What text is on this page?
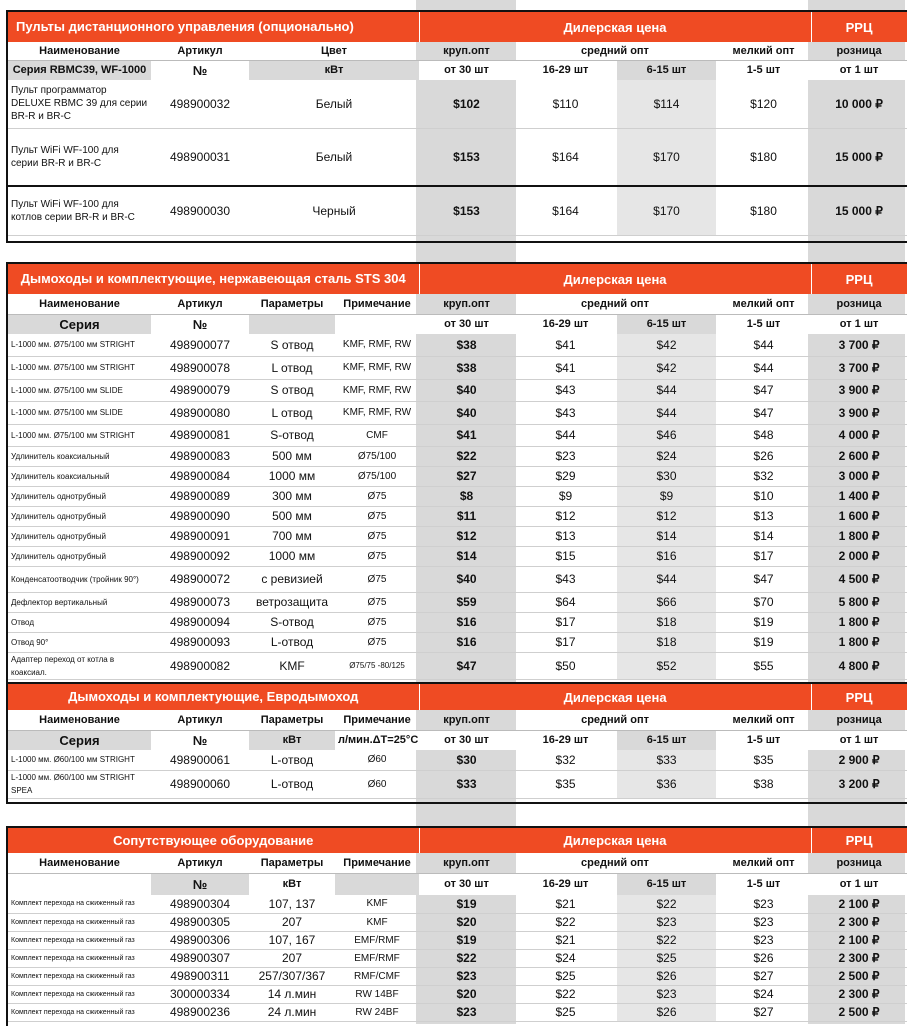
Пульты дистанционного управления (опционально)			Дилерская цена				РРЦ
Наименование	Артикул	Цвет	круп.опт	средний опт		мелкий опт	розница
Серия RBMC39, WF-1000	№	кВт	от 30 шт	16-29 шт	6-15 шт	1-5 шт	от 1 шт
Пульт программатор DELUXE RBMC 39 для серии BR-R и BR-C	498900032	Белый	$102	$110	$114	$120	10 000 ₽
Пульт WiFi WF-100 для серии BR-R и BR-C	498900031	Белый	$153	$164	$170	$180	15 000 ₽
Пульт WiFi WF-100 для котлов серии BR-R и BR-C	498900030	Черный	$153	$164	$170	$180	15 000 ₽
Дымоходы и комплектующие, нержавеющая сталь STS 304				Дилерская цена				РРЦ
Наименование	Артикул	Параметры	Примечание	круп.опт	средний опт		мелкий опт	розница
Серия	№			от 30 шт	16-29 шт	6-15 шт	1-5 шт	от 1 шт
L-1000 мм. Ø75/100 мм STRIGHT	498900077	S отвод	KMF, RMF, RW	$38	$41	$42	$44	3 700 ₽
L-1000 мм. Ø75/100 мм STRIGHT	498900078	L отвод	KMF, RMF, RW	$38	$41	$42	$44	3 700 ₽
L-1000 мм. Ø75/100 мм SLIDE	498900079	S отвод	KMF, RMF, RW	$40	$43	$44	$47	3 900 ₽
L-1000 мм. Ø75/100 мм SLIDE	498900080	L отвод	KMF, RMF, RW	$40	$43	$44	$47	3 900 ₽
L-1000 мм. Ø75/100 мм STRIGHT	498900081	S-отвод	CMF	$41	$44	$46	$48	4 000 ₽
Удлинитель коаксиальный	498900083	500 мм	Ø75/100	$22	$23	$24	$26	2 600 ₽
Удлинитель коаксиальный	498900084	1000 мм	Ø75/100	$27	$29	$30	$32	3 000 ₽
Удлинитель однотрубный	498900089	300 мм	Ø75	$8	$9	$9	$10	1 400 ₽
Удлинитель однотрубный	498900090	500 мм	Ø75	$11	$12	$12	$13	1 600 ₽
Удлинитель однотрубный	498900091	700 мм	Ø75	$12	$13	$14	$14	1 800 ₽
Удлинитель однотрубный	498900092	1000 мм	Ø75	$14	$15	$16	$17	2 000 ₽
Конденсатоотводчик (тройник 90°)	498900072	с ревизией	Ø75	$40	$43	$44	$47	4 500 ₽
Дефлектор вертикальный	498900073	ветрозащита	Ø75	$59	$64	$66	$70	5 800 ₽
Отвод	498900094	S-отвод	Ø75	$16	$17	$18	$19	1 800 ₽
Отвод 90°	498900093	L-отвод	Ø75	$16	$17	$18	$19	1 800 ₽
Адаптер переход от котла в коаксиал.	498900082	KMF	Ø75/75 -80/125	$47	$50	$52	$55	4 800 ₽
Дымоходы и комплектующие, Евродымоход				Дилерская цена				РРЦ
Наименование	Артикул	Параметры	Примечание	круп.опт	средний опт		мелкий опт	розница
Серия	№	кВт	л/мин.ΔT=25°C	от 30 шт	16-29 шт	6-15 шт	1-5 шт	от 1 шт
L-1000 мм. Ø60/100 мм STRIGHT	498900061	L-отвод	Ø60	$30	$32	$33	$35	2 900 ₽
L-1000 мм. Ø60/100 мм STRIGHT SPEA	498900060	L-отвод	Ø60	$33	$35	$36	$38	3 200 ₽
Сопутствующее оборудование				Дилерская цена				РРЦ
Наименование	Артикул	Параметры	Примечание	круп.опт	средний опт		мелкий опт	розница
	№	кВт		от 30 шт	16-29 шт	6-15 шт	1-5 шт	от 1 шт
Комплект перехода на сжиженный газ	498900304	107, 137	KMF	$19	$21	$22	$23	2 100 ₽
Комплект перехода на сжиженный газ	498900305	207	KMF	$20	$22	$23	$23	2 300 ₽
Комплект перехода на сжиженный газ	498900306	107, 167	EMF/RMF	$19	$21	$22	$23	2 100 ₽
Комплект перехода на сжиженный газ	498900307	207	EMF/RMF	$22	$24	$25	$26	2 300 ₽
Комплект перехода на сжиженный газ	498900311	257/307/367	RMF/CMF	$23	$25	$26	$27	2 500 ₽
Комплект перехода на сжиженный газ	300000334	14 л.мин	RW 14BF	$20	$22	$23	$24	2 300 ₽
Комплект перехода на сжиженный газ	498900236	24 л.мин	RW 24BF	$23	$25	$26	$27	2 500 ₽
